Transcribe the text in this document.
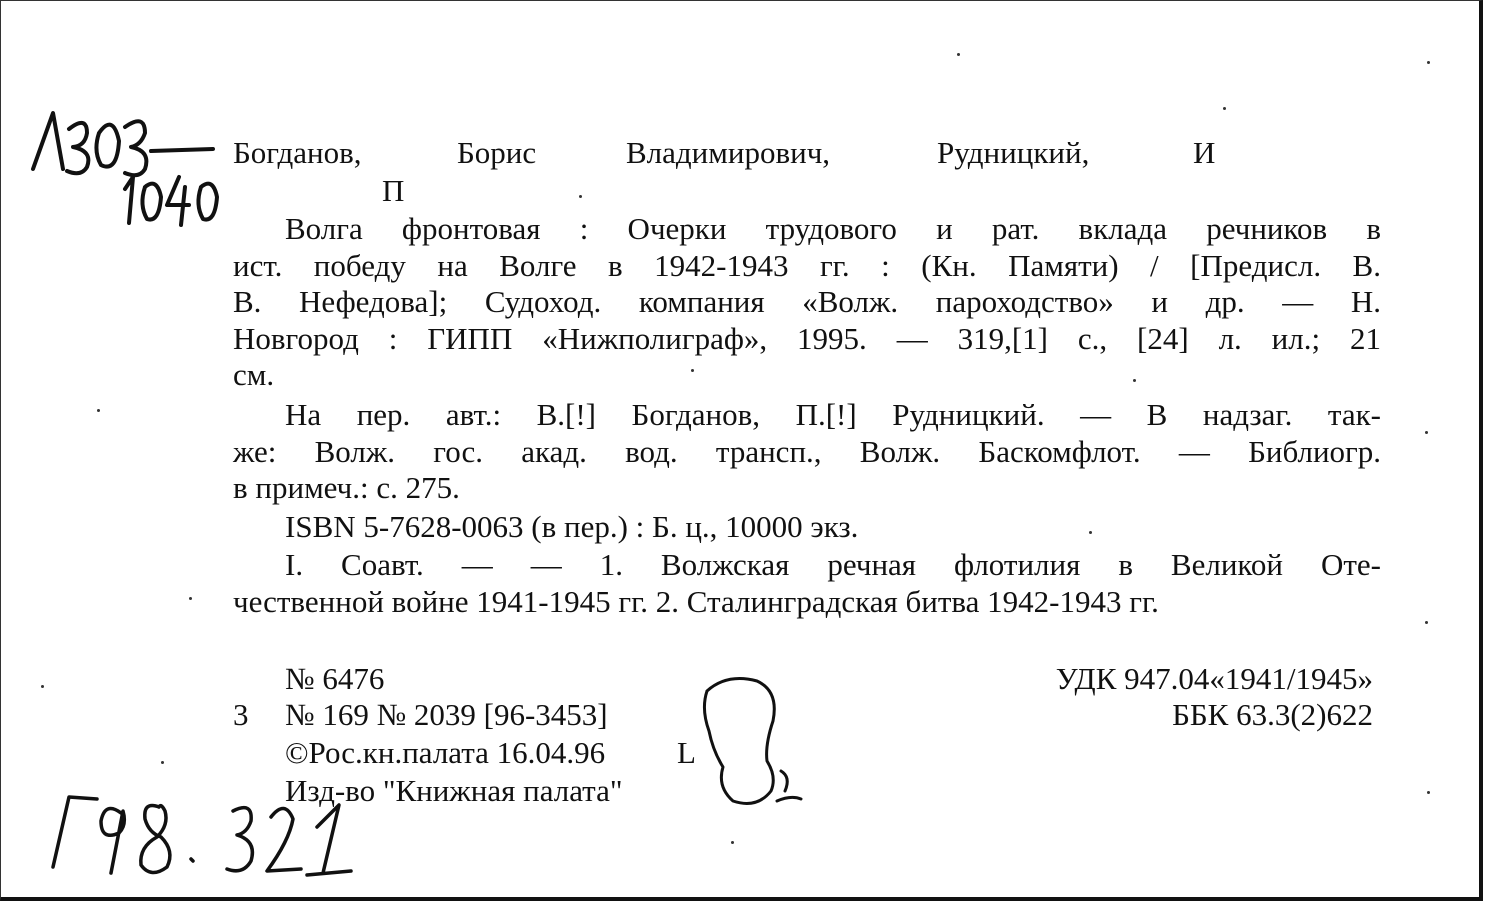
Богданов,	Борис	Владимирович,	Рудницкий,	И
П
Волга фронтовая : Очерки трудового и рат. вклада речников в
ист. победу на Волге в 1942-1943 гг. : (Кн. Памяти) / [Предисл. В.
В. Нефедова]; Судоход. компания «Волж. пароходство» и др. — Н.
Новгород : ГИПП «Нижполиграф», 1995. — 319,[1] с., [24] л. ил.; 21
см.
На пер. авт.: В.[!] Богданов, П.[!] Рудницкий. — В надзаг. так-
же: Волж. гос. акад. вод. трансп., Волж. Баскомфлот. — Библиогр.
в примеч.: с. 275.
ISBN 5-7628-0063 (в пер.) : Б. ц., 10000 экз.
I. Соавт. — — 1. Волжская речная флотилия в Великой Оте-
чественной войне 1941-1945 гг. 2. Сталинградская битва 1942-1943 гг.
№ 6476
3 № 169 № 2039 [96-3453]
©Рос.кн.палата 16.04.96 L
Изд-во "Книжная палата"
УДК 947.04«1941/1945»
ББК 63.3(2)622
